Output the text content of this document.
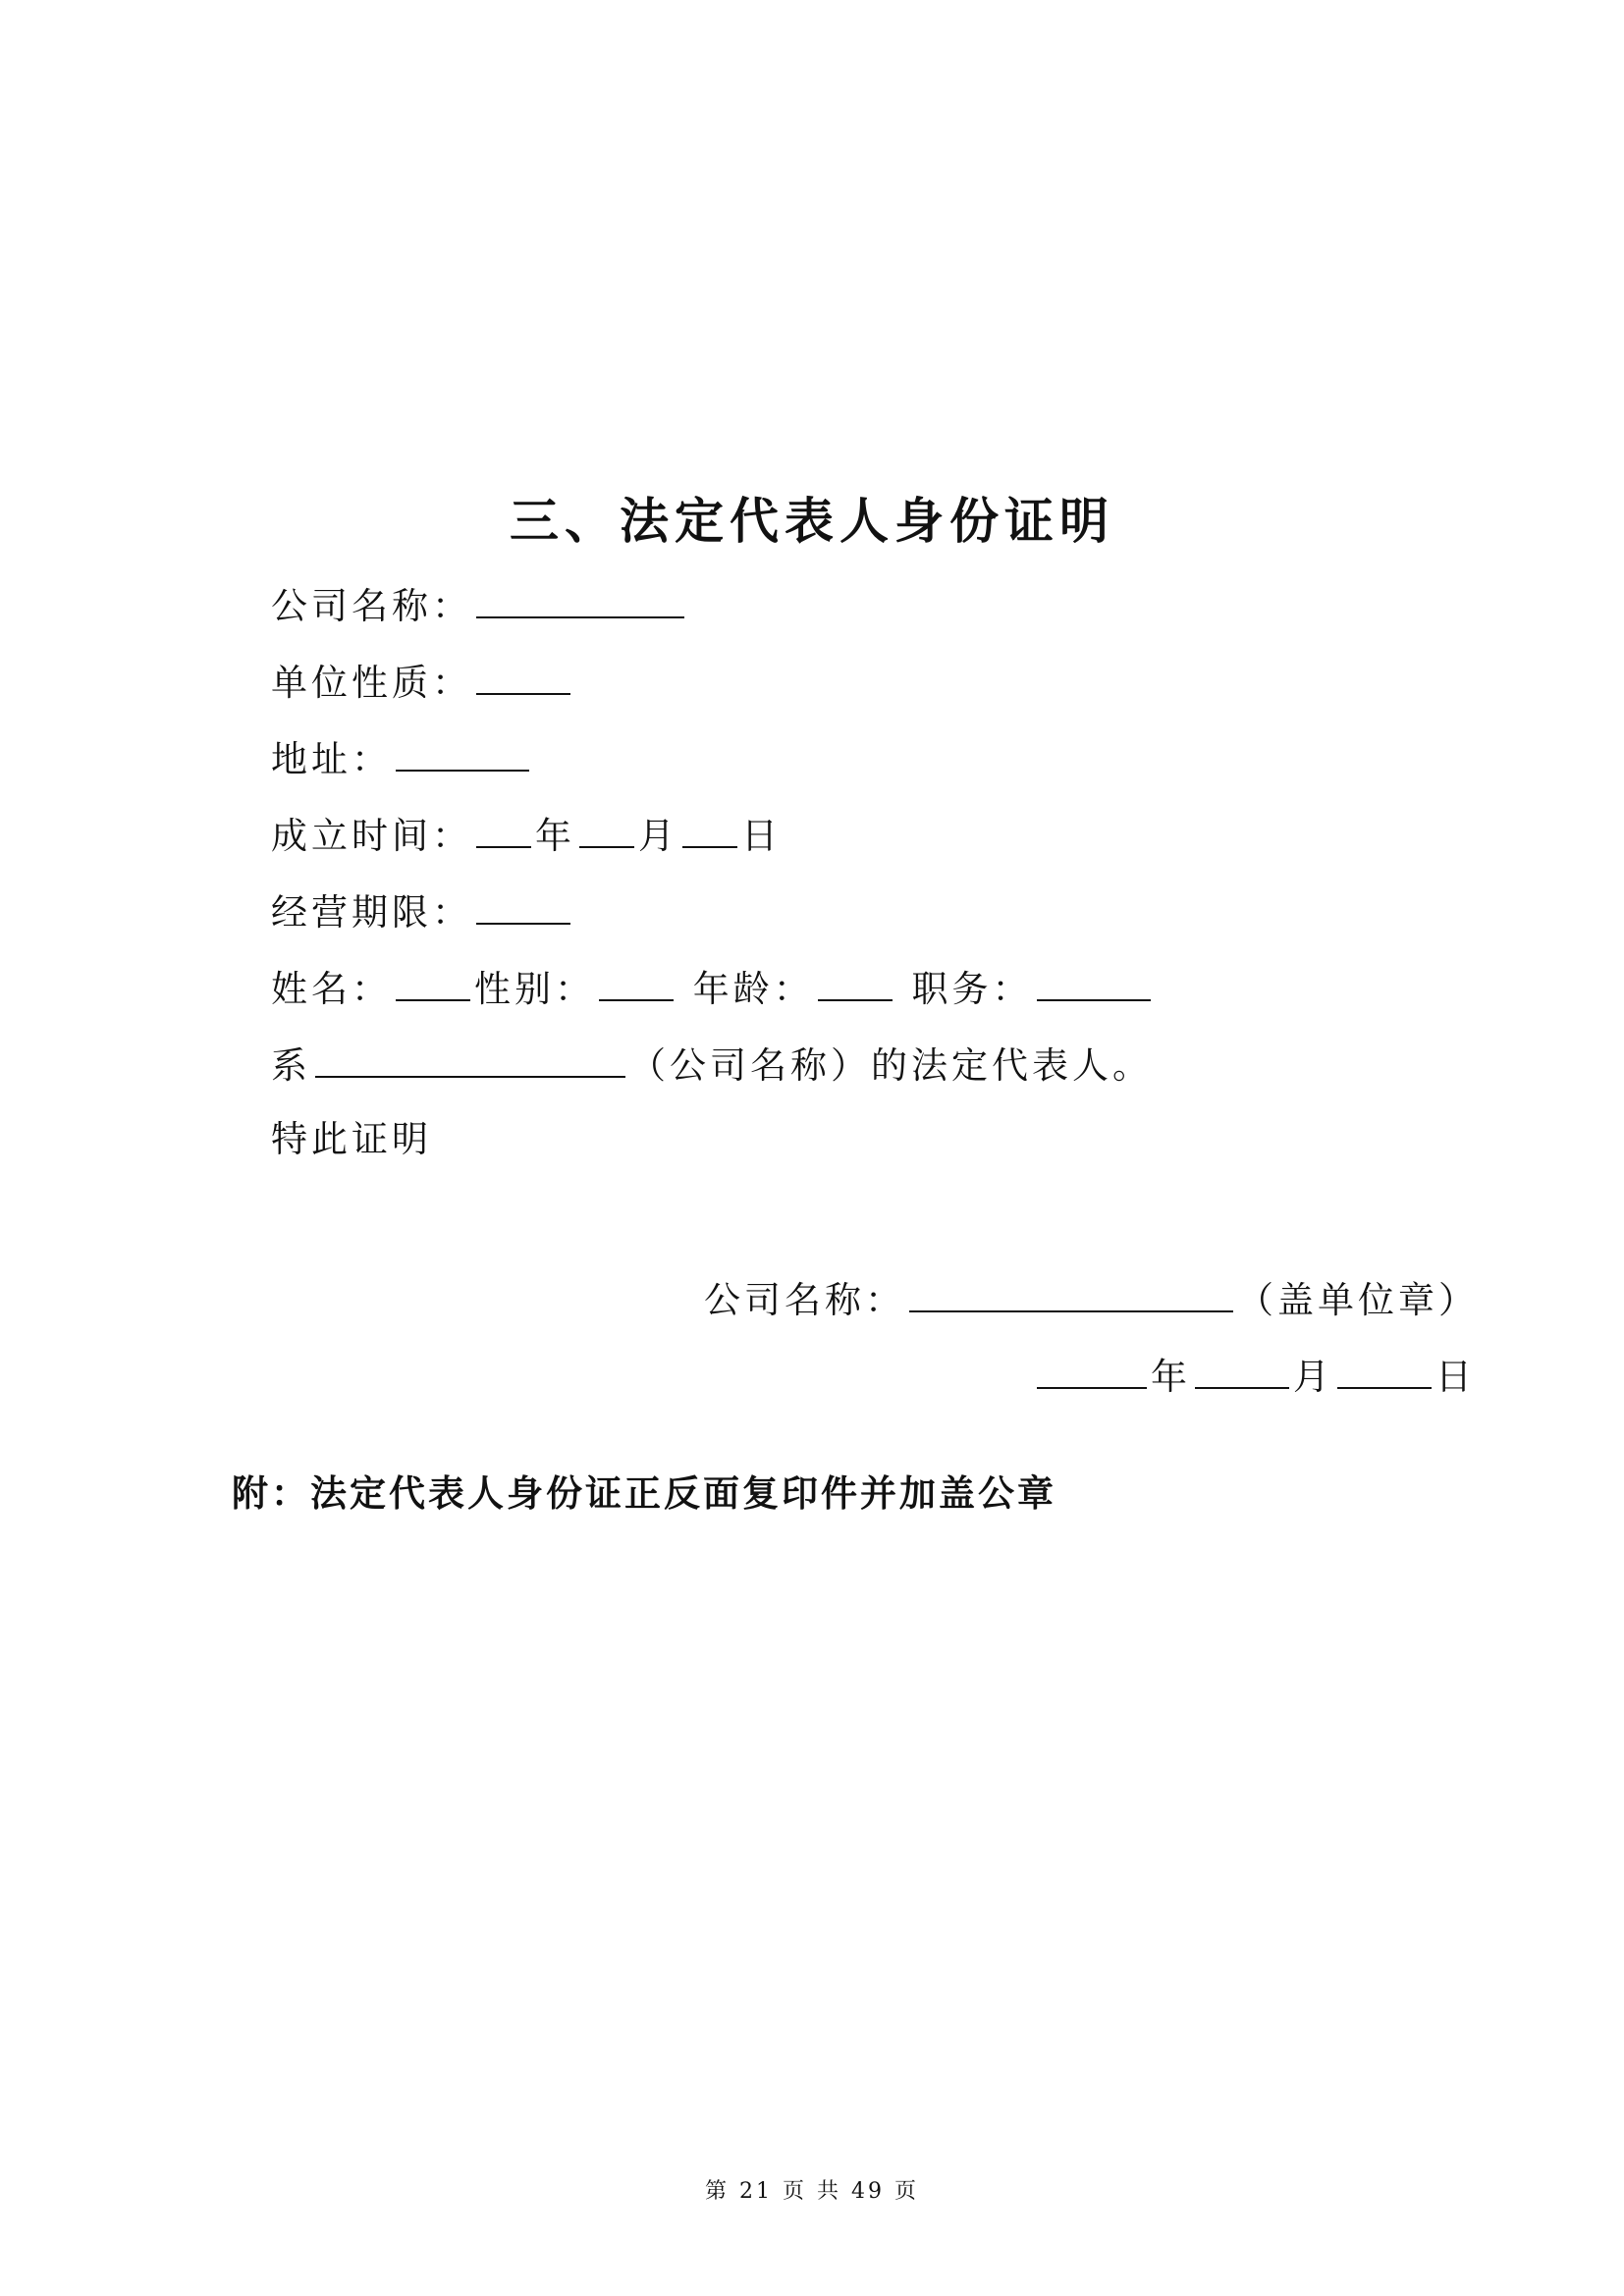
三、法定代表人身份证明
公司名称：
单位性质：
地址：
成立时间： 年 月 日
经营期限：
姓名： 性别：	年龄：	职务：
系	（公司名称）的法定代表人。
特此证明
公司名称：	（盖单位章）
年	月	日
附：法定代表人身份证正反面复印件并加盖公章
第 21 页 共 49 页
